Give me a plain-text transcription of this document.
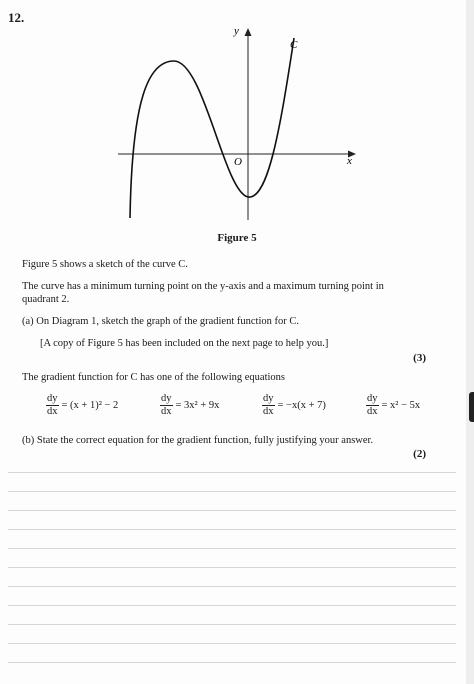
12.
y
x
O
C
Figure 5
Figure 5 shows a sketch of the curve C.
The curve has a minimum turning point on the y-axis and a maximum turning point in
quadrant 2.
(a) On Diagram 1, sketch the graph of the gradient function for C.
[A copy of Figure 5 has been included on the next page to help you.]
(3)
The gradient function for C has one of the following equations
$\frac{dy}{dx} = (x + 1)^2 - 2$	$\frac{dy}{dx} = 3x^2 + 9x$	$\frac{dy}{dx} = -x(x + 7)$	$\frac{dy}{dx} = x^2 - 5x$
(b) State the correct equation for the gradient function, fully justifying your answer.
(2)
